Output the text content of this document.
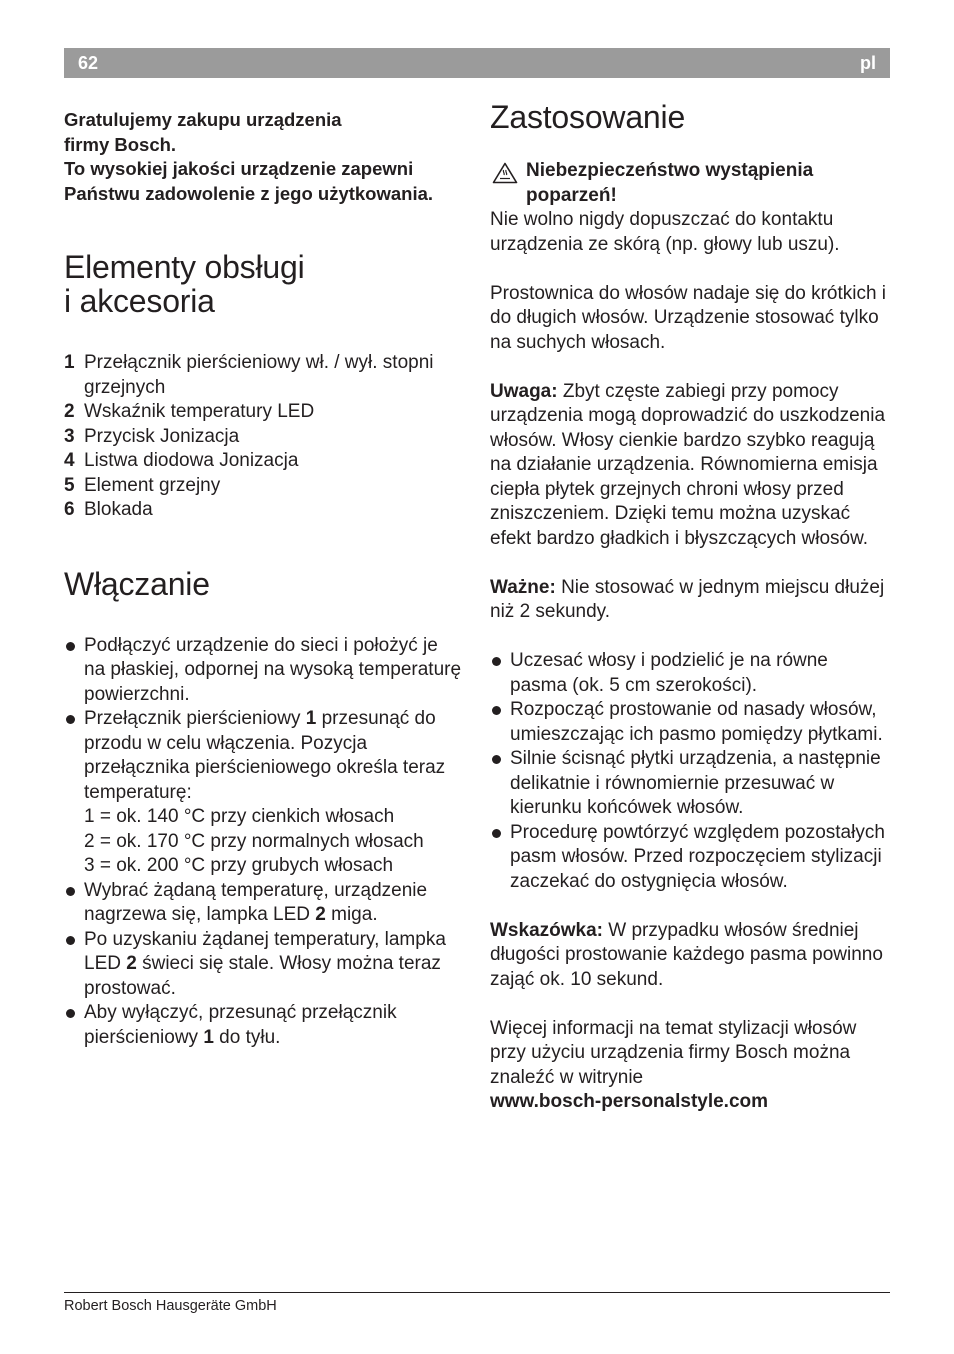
62	pl
Gratulujemy zakupu urządzenia
firmy Bosch.
To wysokiej jakości urządzenie zapewni
Państwu zadowolenie z jego użytkowania.
Elementy obsługi
i akcesoria
1 Przełącznik pierścieniowy wł. / wył. stopni grzejnych
2 Wskaźnik temperatury LED
3 Przycisk Jonizacja
4 Listwa diodowa Jonizacja
5 Element grzejny
6 Blokada
Włączanie
Podłączyć urządzenie do sieci i położyć je na płaskiej, odpornej na wysoką temperaturę powierzchni.
Przełącznik pierścieniowy 1 przesunąć do przodu w celu włączenia. Pozycja przełącznika pierścieniowego określa teraz temperaturę:
1 = ok. 140 °C przy cienkich włosach
2 = ok. 170 °C przy normalnych włosach
3 = ok. 200 °C przy grubych włosach
Wybrać żądaną temperaturę, urządzenie nagrzewa się, lampka LED 2 miga.
Po uzyskaniu żądanej temperatury, lampka LED 2 świeci się stale. Włosy można teraz prostować.
Aby wyłączyć, przesunąć przełącznik pierścieniowy 1 do tyłu.
Zastosowanie
Niebezpieczeństwo wystąpienia poparzeń!

Nie wolno nigdy dopuszczać do kontaktu urządzenia ze skórą (np. głowy lub uszu).

Prostownica do włosów nadaje się do krótkich i do długich włosów. Urządzenie stosować tylko na suchych włosach.

Uwaga: Zbyt częste zabiegi przy pomocy urządzenia mogą doprowadzić do uszkodzenia włosów. Włosy cienkie bardzo szybko reagują na działanie urządzenia. Równomierna emisja ciepła płytek grzejnych chroni włosy przed zniszczeniem. Dzięki temu można uzyskać efekt bardzo gładkich i błyszczących włosów.

Ważne: Nie stosować w jednym miejscu dłużej niż 2 sekundy.

Uczesać włosy i podzielić je na równe pasma (ok. 5 cm szerokości).
Rozpocząć prostowanie od nasady włosów, umieszczając ich pasmo pomiędzy płytkami.
Silnie ścisnąć płytki urządzenia, a następnie delikatnie i równomiernie przesuwać w kierunku końcówek włosów.
Procedurę powtórzyć względem pozostałych pasm włosów. Przed rozpoczęciem stylizacji zaczekać do ostygnięcia włosów.

Wskazówka: W przypadku włosów średniej długości prostowanie każdego pasma powinno zająć ok. 10 sekund.

Więcej informacji na temat stylizacji włosów przy użyciu urządzenia firmy Bosch można znaleźć w witrynie

www.bosch-personalstyle.com

Robert Bosch Hausgeräte GmbH
